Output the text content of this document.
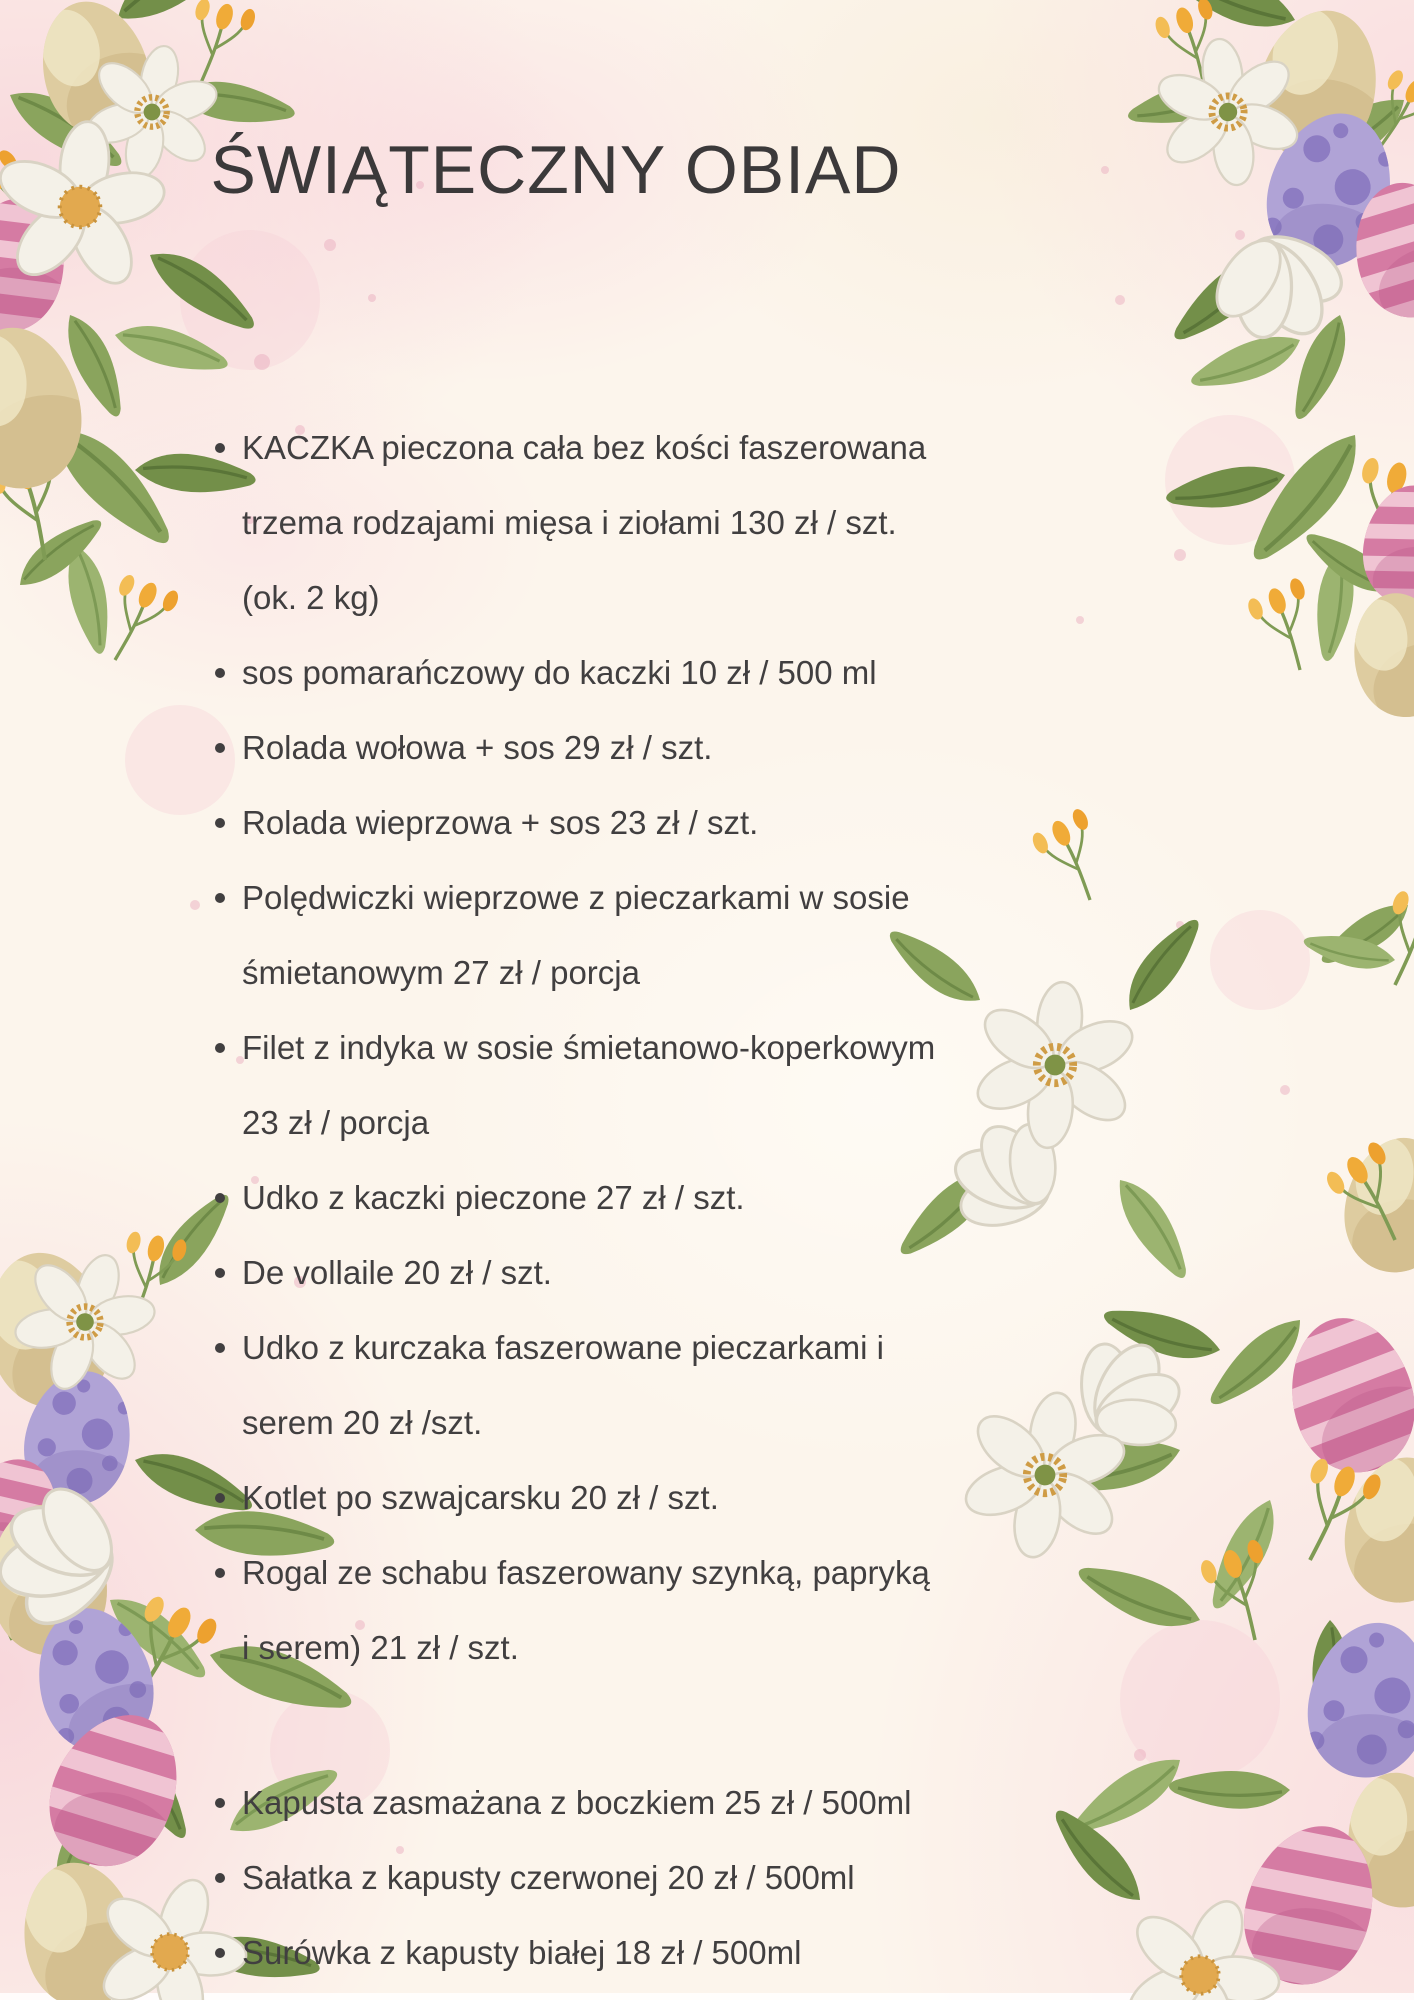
ŚWIĄTECZNY OBIAD
KACZKA pieczona cała bez kości faszerowana
trzema rodzajami mięsa i ziołami 130 zł / szt.
(ok. 2 kg)
sos pomarańczowy do kaczki 10 zł / 500 ml
Rolada wołowa + sos 29 zł / szt.
Rolada wieprzowa + sos 23 zł / szt.
Polędwiczki wieprzowe z pieczarkami w sosie
śmietanowym 27 zł / porcja
Filet z indyka w sosie śmietanowo-koperkowym
23 zł / porcja
Udko z kaczki pieczone 27 zł / szt.
De vollaile 20 zł / szt.
Udko z kurczaka faszerowane pieczarkami i
serem 20 zł /szt.
Kotlet po szwajcarsku 20 zł / szt.
Rogal ze schabu faszerowany szynką, papryką
i serem) 21 zł / szt.
Kapusta zasmażana z boczkiem 25 zł / 500ml
Sałatka z kapusty czerwonej 20 zł / 500ml
Surówka z kapusty białej 18 zł / 500ml
